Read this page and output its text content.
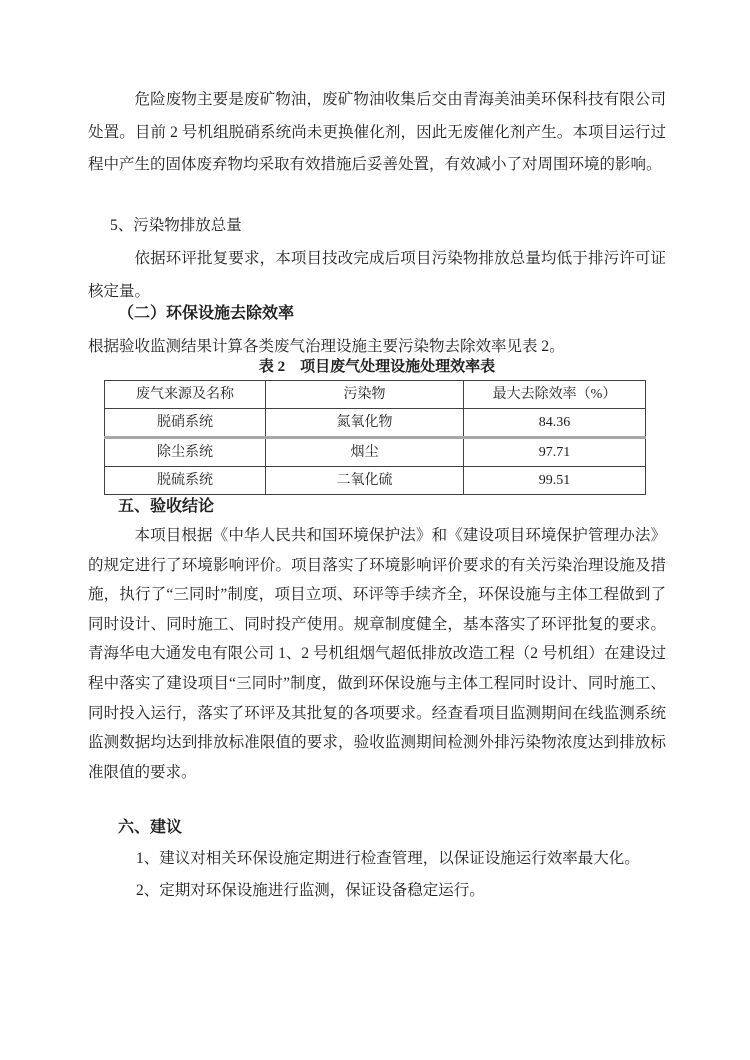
危险废物主要是废矿物油，废矿物油收集后交由青海美油美环保科技有限公司处置。目前 2 号机组脱硝系统尚未更换催化剂，因此无废催化剂产生。本项目运行过程中产生的固体废弃物均采取有效措施后妥善处置，有效减小了对周围环境的影响。
5、污染物排放总量
依据环评批复要求，本项目技改完成后项目污染物排放总量均低于排污许可证核定量。
（二）环保设施去除效率
根据验收监测结果计算各类废气治理设施主要污染物去除效率见表 2。
表 2　项目废气处理设施处理效率表
废气来源及名称	污染物	最大去除效率（%）
脱硝系统	氮氧化物	84.36
除尘系统	烟尘	97.71
脱硫系统	二氧化硫	99.51
五、验收结论
本项目根据《中华人民共和国环境保护法》和《建设项目环境保护管理办法》的规定进行了环境影响评价。项目落实了环境影响评价要求的有关污染治理设施及措施，执行了“三同时”制度，项目立项、环评等手续齐全，环保设施与主体工程做到了同时设计、同时施工、同时投产使用。规章制度健全，基本落实了环评批复的要求。青海华电大通发电有限公司 1、2 号机组烟气超低排放改造工程（2 号机组）在建设过程中落实了建设项目“三同时”制度，做到环保设施与主体工程同时设计、同时施工、同时投入运行，落实了环评及其批复的各项要求。经查看项目监测期间在线监测系统监测数据均达到排放标准限值的要求，验收监测期间检测外排污染物浓度达到排放标准限值的要求。
六、建议
1、建议对相关环保设施定期进行检查管理，以保证设施运行效率最大化。
2、定期对环保设施进行监测，保证设备稳定运行。
